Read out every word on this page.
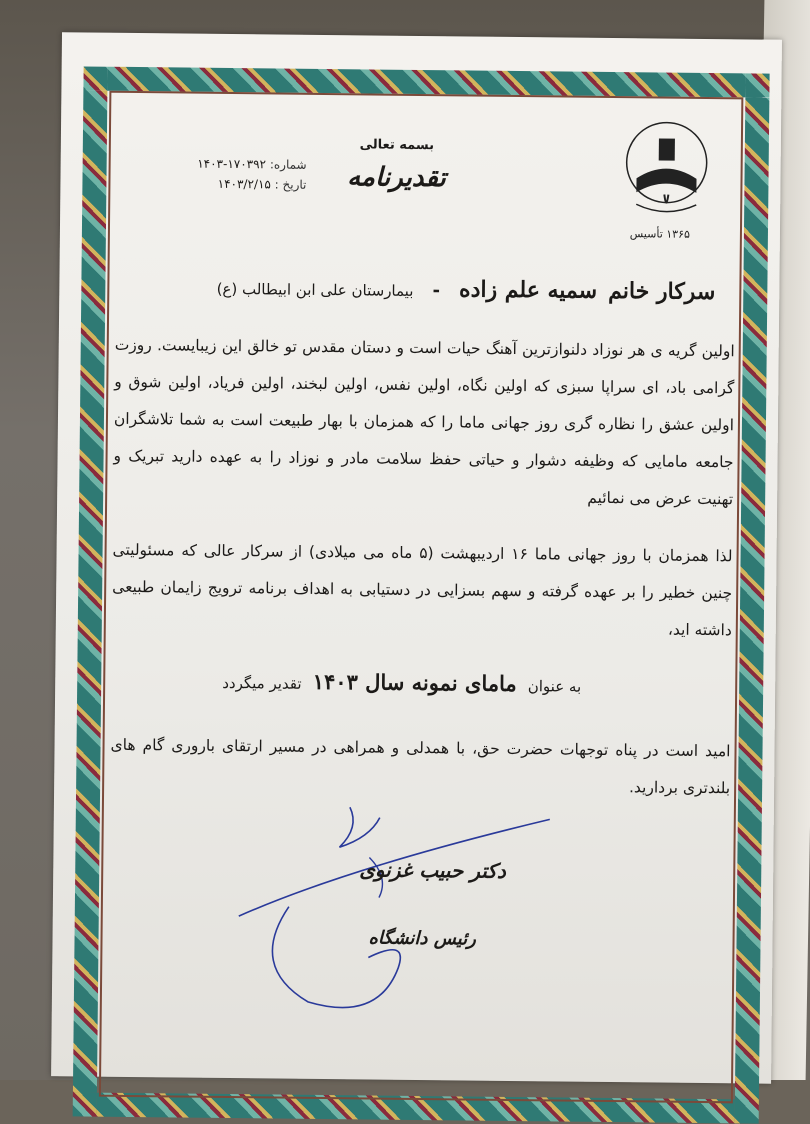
۱۳۶۵ تأسیس
بسمه تعالی
تقدیرنامه
شماره: ۱۷۰۳۹۲-۱۴۰۳
تاریخ : ۱۴۰۳/۲/۱۵
سرکار خانم سمیه علم زاده - بیمارستان علی ابن ابیطالب (ع)
اولین گریه ی هر نوزاد دلنوازترین آهنگ حیات است و دستان مقدس تو خالق این زیبایست. روزت گرامی باد، ای سراپا سبزی که اولین نگاه، اولین نفس، اولین لبخند، اولین فریاد، اولین شوق و اولین عشق را نظاره گری روز جهانی ماما را که همزمان با بهار طبیعت است به شما تلاشگران جامعه مامایی که وظیفه دشوار و حیاتی حفظ سلامت مادر و نوزاد را به عهده دارید تبریک و تهنیت عرض می نمائیم
لذا همزمان با روز جهانی ماما ۱۶ اردیبهشت (۵ ماه می میلادی) از سرکار عالی که مسئولیتی چنین خطیر را بر عهده گرفته و سهم بسزایی در دستیابی به اهداف برنامه ترویج زایمان طبیعی داشته اید،
به عنوان مامای نمونه سال ۱۴۰۳ تقدیر میگردد
امید است در پناه توجهات حضرت حق، با همدلی و همراهی در مسیر ارتقای باروری گام های بلندتری بردارید.
دکتر حبیب غزنوی
رئیس دانشگاه
